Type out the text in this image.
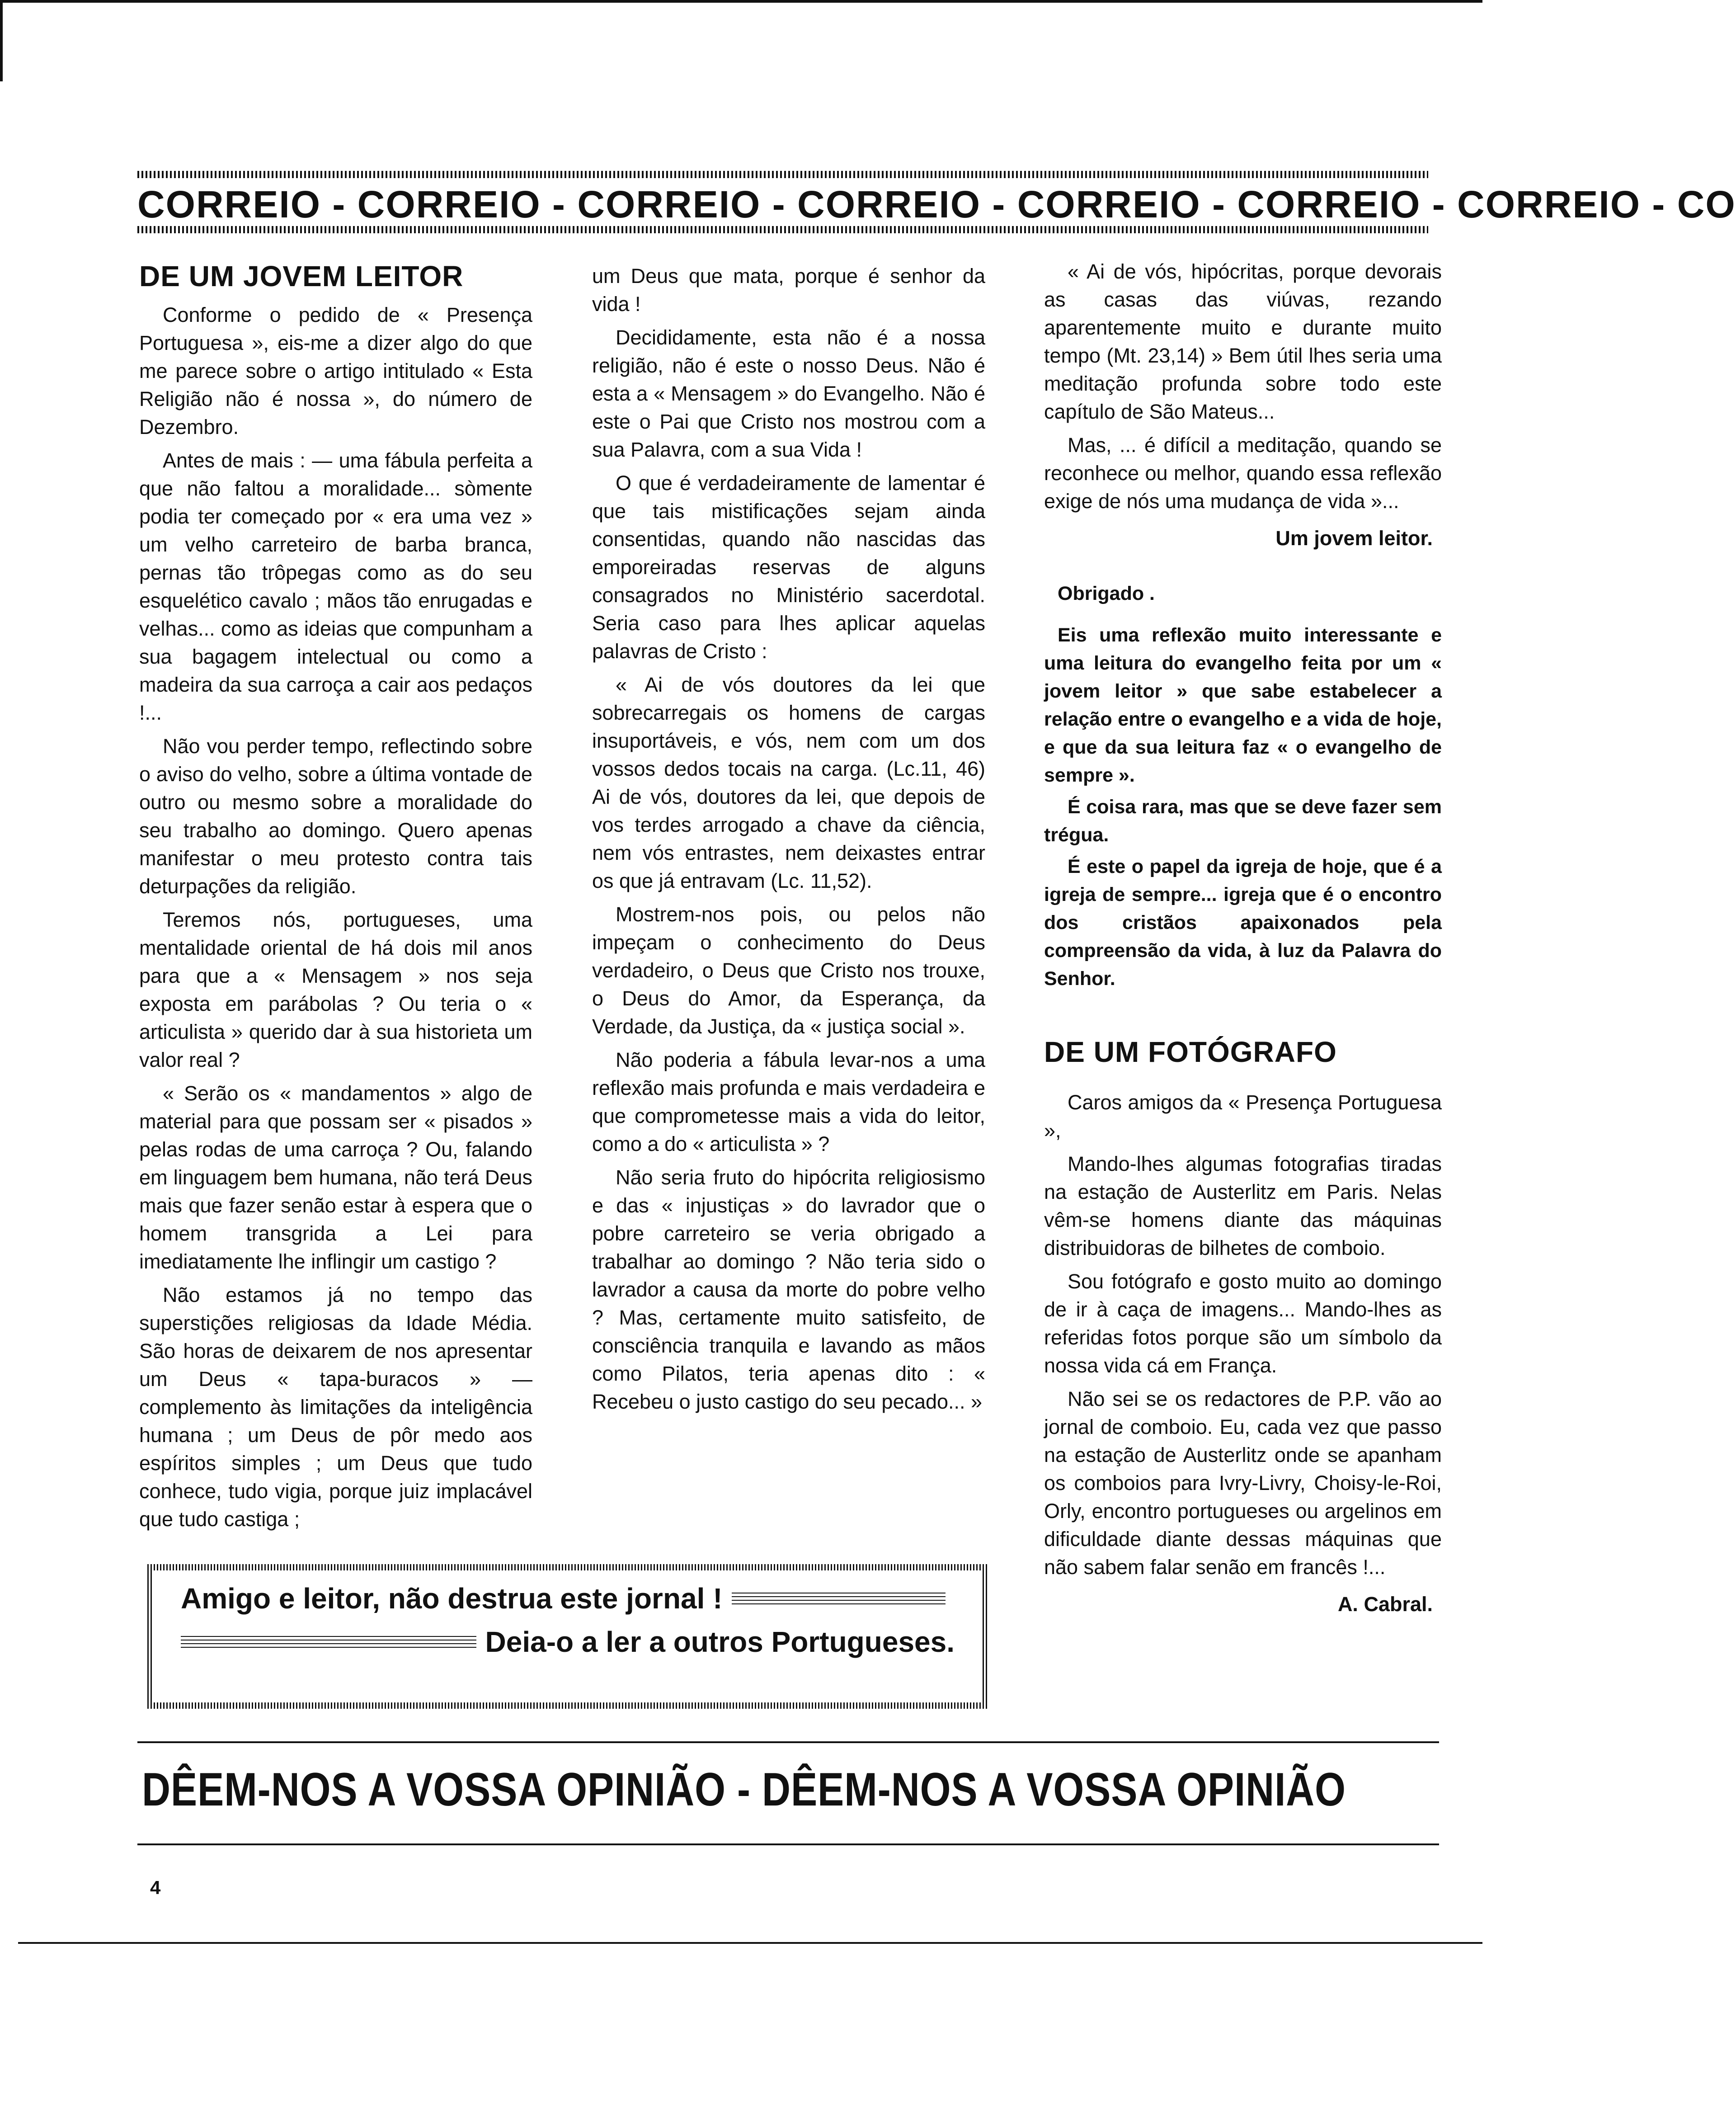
CORREIO - CORREIO - CORREIO - CORREIO - CORREIO - CORREIO - CORREIO - CO
DE UM JOVEM LEITOR

Conforme o pedido de « Presença Portuguesa », eis-me a dizer algo do que me parece sobre o artigo intitulado « Esta Religião não é nossa », do número de Dezembro.

Antes de mais : — uma fábula perfeita a que não faltou a moralidade... sòmente podia ter começado por « era uma vez » um velho carreteiro de barba branca, pernas tão trôpegas como as do seu esquelético cavalo ; mãos tão enrugadas e velhas... como as ideias que compunham a sua bagagem intelectual ou como a madeira da sua carroça a cair aos pedaços !...

Não vou perder tempo, reflectindo sobre o aviso do velho, sobre a última vontade de outro ou mesmo sobre a moralidade do seu trabalho ao domingo. Quero apenas manifestar o meu protesto contra tais deturpações da religião.

Teremos nós, portugueses, uma mentalidade oriental de há dois mil anos para que a « Mensagem » nos seja exposta em parábolas ? Ou teria o « articulista » querido dar à sua historieta um valor real ?

« Serão os « mandamentos » algo de material para que possam ser « pisados » pelas rodas de uma carroça ? Ou, falando em linguagem bem humana, não terá Deus mais que fazer senão estar à espera que o homem transgrida a Lei para imediatamente lhe inflingir um castigo ?

Não estamos já no tempo das superstições religiosas da Idade Média. São horas de deixarem de nos apresentar um Deus « tapa-buracos » — complemento às limitações da inteligência humana ; um Deus de pôr medo aos espíritos simples ; um Deus que tudo conhece, tudo vigia, porque juiz implacável que tudo castiga ;

um Deus que mata, porque é senhor da vida !

Decididamente, esta não é a nossa religião, não é este o nosso Deus. Não é esta a « Mensagem » do Evangelho. Não é este o Pai que Cristo nos mostrou com a sua Palavra, com a sua Vida !

O que é verdadeiramente de lamentar é que tais mistificações sejam ainda consentidas, quando não nascidas das emporeiradas reservas de alguns consagrados no Ministério sacerdotal. Seria caso para lhes aplicar aquelas palavras de Cristo :

« Ai de vós doutores da lei que sobrecarregais os homens de cargas insuportáveis, e vós, nem com um dos vossos dedos tocais na carga. (Lc.11, 46) Ai de vós, doutores da lei, que depois de vos terdes arrogado a chave da ciência, nem vós entrastes, nem deixastes entrar os que já entravam (Lc. 11,52).

Mostrem-nos pois, ou pelos não impeçam o conhecimento do Deus verdadeiro, o Deus que Cristo nos trouxe, o Deus do Amor, da Esperança, da Verdade, da Justiça, da « justiça social ».

Não poderia a fábula levar-nos a uma reflexão mais profunda e mais verdadeira e que comprometesse mais a vida do leitor, como a do « articulista » ?

Não seria fruto do hipócrita religiosismo e das « injustiças » do lavrador que o pobre carreteiro se veria obrigado a trabalhar ao domingo ? Não teria sido o lavrador a causa da morte do pobre velho ? Mas, certamente muito satisfeito, de consciência tranquila e lavando as mãos como Pilatos, teria apenas dito : « Recebeu o justo castigo do seu pecado... »

« Ai de vós, hipócritas, porque devorais as casas das viúvas, rezando aparentemente muito e durante muito tempo (Mt. 23,14) » Bem útil lhes seria uma meditação profunda sobre todo este capítulo de São Mateus...

Mas, ... é difícil a meditação, quando se reconhece ou melhor, quando essa reflexão exige de nós uma mudança de vida »...

Um jovem leitor.
Obrigado .

Eis uma reflexão muito interessante e uma leitura do evangelho feita por um « jovem leitor » que sabe estabelecer a relação entre o evangelho e a vida de hoje, e que da sua leitura faz « o evangelho de sempre ».

É coisa rara, mas que se deve fazer sem trégua.

É este o papel da igreja de hoje, que é a igreja de sempre... igreja que é o encontro dos cristãos apaixonados pela compreensão da vida, à luz da Palavra do Senhor.

DE UM FOTÓGRAFO

Caros amigos da « Presença Portuguesa »,

Mando-lhes algumas fotografias tiradas na estação de Austerlitz em Paris. Nelas vêm-se homens diante das máquinas distribuidoras de bilhetes de comboio.

Sou fotógrafo e gosto muito ao domingo de ir à caça de imagens... Mando-lhes as referidas fotos porque são um símbolo da nossa vida cá em França.

Não sei se os redactores de P.P. vão ao jornal de comboio. Eu, cada vez que passo na estação de Austerlitz onde se apanham os comboios para Ivry-Livry, Choisy-le-Roi, Orly, encontro portugueses ou argelinos em dificuldade diante dessas máquinas que não sabem falar senão em francês !...

A. Cabral.
Amigo e leitor, não destrua este jornal !
Deia-o a ler a outros Portugueses.
DÊEM-NOS A VOSSA OPINIÃO - DÊEM-NOS A VOSSA OPINIÃO
4
